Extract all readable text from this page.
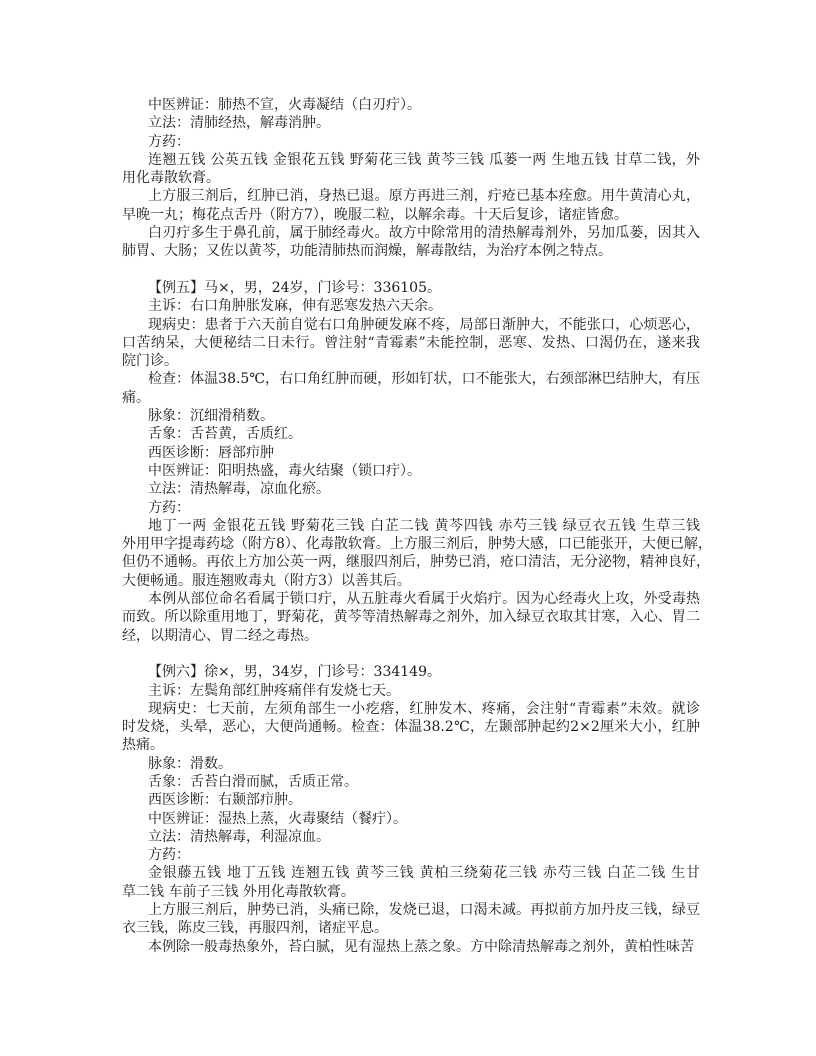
中医辨证：肺热不宣，火毒凝结（白刃疔）。
立法：清肺经热，解毒消肿。
方药：
连翘五钱 公英五钱 金银花五钱 野菊花三钱 黄芩三钱 瓜蒌一两 生地五钱 甘草二钱，外
用化毒散软膏。
上方服三剂后，红肿已消，身热已退。原方再进三剂，疔疮已基本痊愈。用牛黄清心丸，
早晚一丸；梅花点舌丹（附方7），晚服二粒，以解余毒。十天后复诊，诸症皆愈。
白刃疔多生于鼻孔前，属于肺经毒火。故方中除常用的清热解毒剂外，另加瓜蒌，因其入
肺胃、大肠；又佐以黄芩，功能清肺热而润燥，解毒散结，为治疗本例之特点。
【例五】马×，男，24岁，门诊号：336105。
主诉：右口角肿胀发麻，伸有恶寒发热六天余。
现病史：患者于六天前自觉右口角肿硬发麻不疼，局部日渐肿大，不能张口，心烦恶心，
口苦纳呆，大便秘结二日未行。曾注射“青霉素”未能控制，恶寒、发热、口渴仍在，遂来我
院门诊。
检查：体温38.5℃，右口角红肿而硬，形如钉状，口不能张大，右颈部淋巴结肿大，有压
痛。
脉象：沉细滑稍数。
舌象：舌苔黄，舌质红。
西医诊断：唇部疖肿
中医辨证：阳明热盛，毒火结聚（锁口疔）。
立法：清热解毒，凉血化瘀。
方药：
地丁一两 金银花五钱 野菊花三钱 白芷二钱 黄芩四钱 赤芍三钱 绿豆衣五钱 生草三钱
外用甲字提毒药埝（附方8）、化毒散软膏。上方服三剂后，肿势大感，口已能张开，大便已解，
但仍不通畅。再依上方加公英一两，继服四剂后，肿势已消，疮口清洁，无分泌物，精神良好，
大便畅通。服连翘败毒丸（附方3）以善其后。
本例从部位命名看属于锁口疔，从五脏毒火看属于火焰疔。因为心经毒火上攻，外受毒热
而致。所以除重用地丁，野菊花，黄芩等清热解毒之剂外，加入绿豆衣取其甘寒，入心、胃二
经，以期清心、胃二经之毒热。
【例六】徐×，男，34岁，门诊号：334149。
主诉：左鬓角部红肿疼痛伴有发烧七天。
现病史：七天前，左须角部生一小疙瘩，红肿发木、疼痛，会注射“青霉素”未效。就诊
时发烧，头晕，恶心，大便尚通畅。检查：体温38.2℃，左颞部肿起约2×2厘米大小，红肿
热痛。
脉象：滑数。
舌象：舌苔白滑而腻，舌质正常。
西医诊断：右颞部疖肿。
中医辨证：湿热上蒸，火毒聚结（餐疔）。
立法：清热解毒，利湿凉血。
方药：
金银藤五钱 地丁五钱 连翘五钱 黄芩三钱 黄柏三绕菊花三钱 赤芍三钱 白芷二钱 生甘
草二钱 车前子三钱 外用化毒散软膏。
上方服三剂后，肿势已消，头痛已除，发烧已退，口渴未减。再拟前方加丹皮三钱，绿豆
衣三钱，陈皮三钱，再服四剂，诸症平息。
本例除一般毒热象外，苔白腻，见有湿热上蒸之象。方中除清热解毒之剂外，黄柏性味苦
